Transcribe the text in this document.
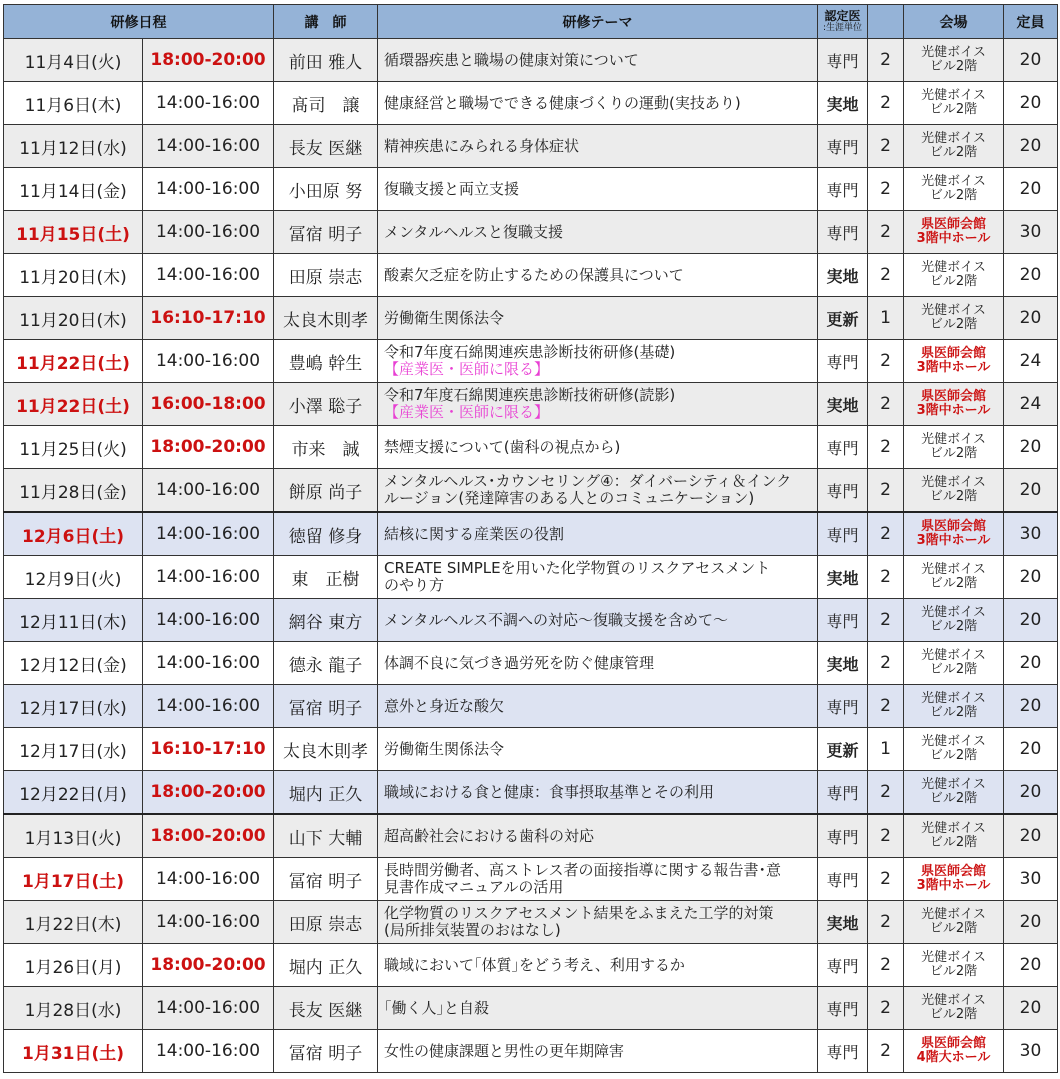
研修日程		講　師	研修テーマ	認定医
:生涯単位		会場	定員
11月4日(火)	18:00-20:00	前田 雅人	循環器疾患と職場の健康対策について	専門	2	光健ボイス
ビル2階	20
11月6日(木)	14:00-16:00	髙司　譲	健康経営と職場でできる健康づくりの運動(実技あり)	実地	2	光健ボイス
ビル2階	20
11月12日(水)	14:00-16:00	長友 医継	精神疾患にみられる身体症状	専門	2	光健ボイス
ビル2階	20
11月14日(金)	14:00-16:00	小田原 努	復職支援と両立支援	専門	2	光健ボイス
ビル2階	20
11月15日(土)	14:00-16:00	冨宿 明子	メンタルヘルスと復職支援	専門	2	県医師会館
3階中ホール	30
11月20日(木)	14:00-16:00	田原 崇志	酸素欠乏症を防止するための保護具について	実地	2	光健ボイス
ビル2階	20
11月20日(木)	16:10-17:10	太良木則孝	労働衛生関係法令	更新	1	光健ボイス
ビル2階	20
11月22日(土)	14:00-16:00	豊嶋 幹生	令和7年度石綿関連疾患診断技術研修(基礎)
【産業医・医師に限る】	専門	2	県医師会館
3階中ホール	24
11月22日(土)	16:00-18:00	小澤 聡子	令和7年度石綿関連疾患診断技術研修(読影)
【産業医・医師に限る】	実地	2	県医師会館
3階中ホール	24
11月25日(火)	18:00-20:00	市来　誠	禁煙支援について(歯科の視点から)	専門	2	光健ボイス
ビル2階	20
11月28日(金)	14:00-16:00	餅原 尚子	メンタルヘルス･カウンセリング④：ダイバーシティ＆インク
ルージョン(発達障害のある人とのコミュニケーション)	専門	2	光健ボイス
ビル2階	20
12月6日(土)	14:00-16:00	徳留 修身	結核に関する産業医の役割	専門	2	県医師会館
3階中ホール	30
12月9日(火)	14:00-16:00	東　正樹	CREATE SIMPLEを用いた化学物質のリスクアセスメント
のやり方	実地	2	光健ボイス
ビル2階	20
12月11日(木)	14:00-16:00	網谷 東方	メンタルヘルス不調への対応～復職支援を含めて～	専門	2	光健ボイス
ビル2階	20
12月12日(金)	14:00-16:00	德永 龍子	体調不良に気づき過労死を防ぐ健康管理	実地	2	光健ボイス
ビル2階	20
12月17日(水)	14:00-16:00	冨宿 明子	意外と身近な酸欠	専門	2	光健ボイス
ビル2階	20
12月17日(水)	16:10-17:10	太良木則孝	労働衛生関係法令	更新	1	光健ボイス
ビル2階	20
12月22日(月)	18:00-20:00	堀内 正久	職域における食と健康：食事摂取基準とその利用	専門	2	光健ボイス
ビル2階	20
1月13日(火)	18:00-20:00	山下 大輔	超高齢社会における歯科の対応	専門	2	光健ボイス
ビル2階	20
1月17日(土)	14:00-16:00	冨宿 明子	長時間労働者、高ストレス者の面接指導に関する報告書･意
見書作成マニュアルの活用	専門	2	県医師会館
3階中ホール	30
1月22日(木)	14:00-16:00	田原 崇志	化学物質のリスクアセスメント結果をふまえた工学的対策
(局所排気装置のおはなし)	実地	2	光健ボイス
ビル2階	20
1月26日(月)	18:00-20:00	堀内 正久	職域において｢体質｣をどう考え、利用するか	専門	2	光健ボイス
ビル2階	20
1月28日(水)	14:00-16:00	長友 医継	｢働く人｣と自殺	専門	2	光健ボイス
ビル2階	20
1月31日(土)	14:00-16:00	冨宿 明子	女性の健康課題と男性の更年期障害	専門	2	県医師会館
4階大ホール	30
